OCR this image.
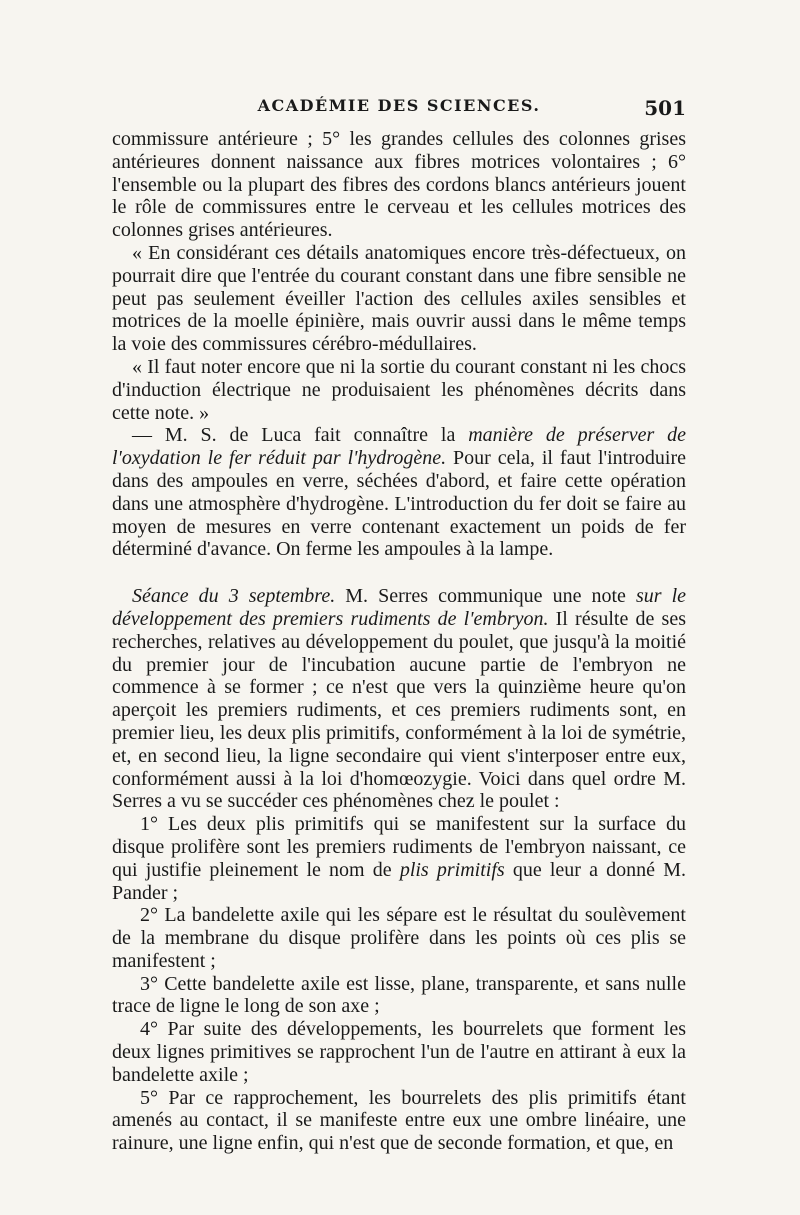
ACADÉMIE DES SCIENCES.	501

commissure antérieure ; 5° les grandes cellules des colonnes grises antérieures donnent naissance aux fibres motrices volontaires ; 6° l'ensemble ou la plupart des fibres des cordons blancs antérieurs jouent le rôle de commissures entre le cerveau et les cellules motrices des colonnes grises antérieures.

« En considérant ces détails anatomiques encore très-défectueux, on pourrait dire que l'entrée du courant constant dans une fibre sensible ne peut pas seulement éveiller l'action des cellules axiles sensibles et motrices de la moelle épinière, mais ouvrir aussi dans le même temps la voie des commissures cérébro-médullaires.

« Il faut noter encore que ni la sortie du courant constant ni les chocs d'induction électrique ne produisaient les phénomènes décrits dans cette note. »

— M. S. de Luca fait connaître la manière de préserver de l'oxydation le fer réduit par l'hydrogène. Pour cela, il faut l'introduire dans des ampoules en verre, séchées d'abord, et faire cette opération dans une atmosphère d'hydrogène. L'introduction du fer doit se faire au moyen de mesures en verre contenant exactement un poids de fer déterminé d'avance. On ferme les ampoules à la lampe.

Séance du 3 septembre. M. Serres communique une note sur le développement des premiers rudiments de l'embryon. Il résulte de ses recherches, relatives au développement du poulet, que jusqu'à la moitié du premier jour de l'incubation aucune partie de l'embryon ne commence à se former ; ce n'est que vers la quinzième heure qu'on aperçoit les premiers rudiments, et ces premiers rudiments sont, en premier lieu, les deux plis primitifs, conformément à la loi de symétrie, et, en second lieu, la ligne secondaire qui vient s'interposer entre eux, conformément aussi à la loi d'homœozygie. Voici dans quel ordre M. Serres a vu se succéder ces phénomènes chez le poulet :

1° Les deux plis primitifs qui se manifestent sur la surface du disque prolifère sont les premiers rudiments de l'embryon naissant, ce qui justifie pleinement le nom de plis primitifs que leur a donné M. Pander ;

2° La bandelette axile qui les sépare est le résultat du soulèvement de la membrane du disque prolifère dans les points où ces plis se manifestent ;

3° Cette bandelette axile est lisse, plane, transparente, et sans nulle trace de ligne le long de son axe ;

4° Par suite des développements, les bourrelets que forment les deux lignes primitives se rapprochent l'un de l'autre en attirant à eux la bandelette axile ;

5° Par ce rapprochement, les bourrelets des plis primitifs étant amenés au contact, il se manifeste entre eux une ombre linéaire, une rainure, une ligne enfin, qui n'est que de seconde formation, et que, en
